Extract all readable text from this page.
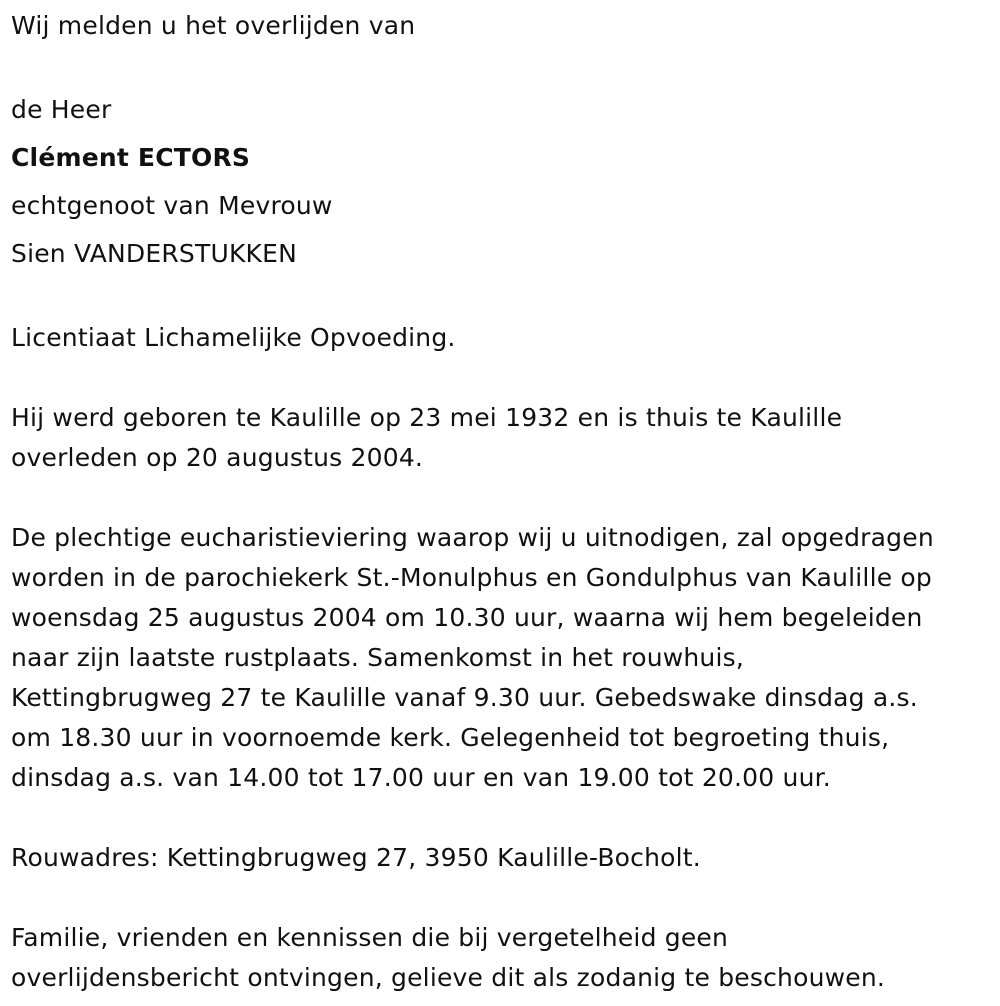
Wij melden u het overlijden van
de Heer
Clément ECTORS
echtgenoot van Mevrouw
Sien VANDERSTUKKEN
Licentiaat Lichamelijke Opvoeding.
Hij werd geboren te Kaulille op 23 mei 1932 en is thuis te Kaulille
overleden op 20 augustus 2004.
De plechtige eucharistieviering waarop wij u uitnodigen, zal opgedragen
worden in de parochiekerk St.-Monulphus en Gondulphus van Kaulille op
woensdag 25 augustus 2004 om 10.30 uur, waarna wij hem begeleiden
naar zijn laatste rustplaats. Samenkomst in het rouwhuis,
Kettingbrugweg 27 te Kaulille vanaf 9.30 uur. Gebedswake dinsdag a.s.
om 18.30 uur in voornoemde kerk. Gelegenheid tot begroeting thuis,
dinsdag a.s. van 14.00 tot 17.00 uur en van 19.00 tot 20.00 uur.
Rouwadres: Kettingbrugweg 27, 3950 Kaulille-Bocholt.
Familie, vrienden en kennissen die bij vergetelheid geen
overlijdensbericht ontvingen, gelieve dit als zodanig te beschouwen.
